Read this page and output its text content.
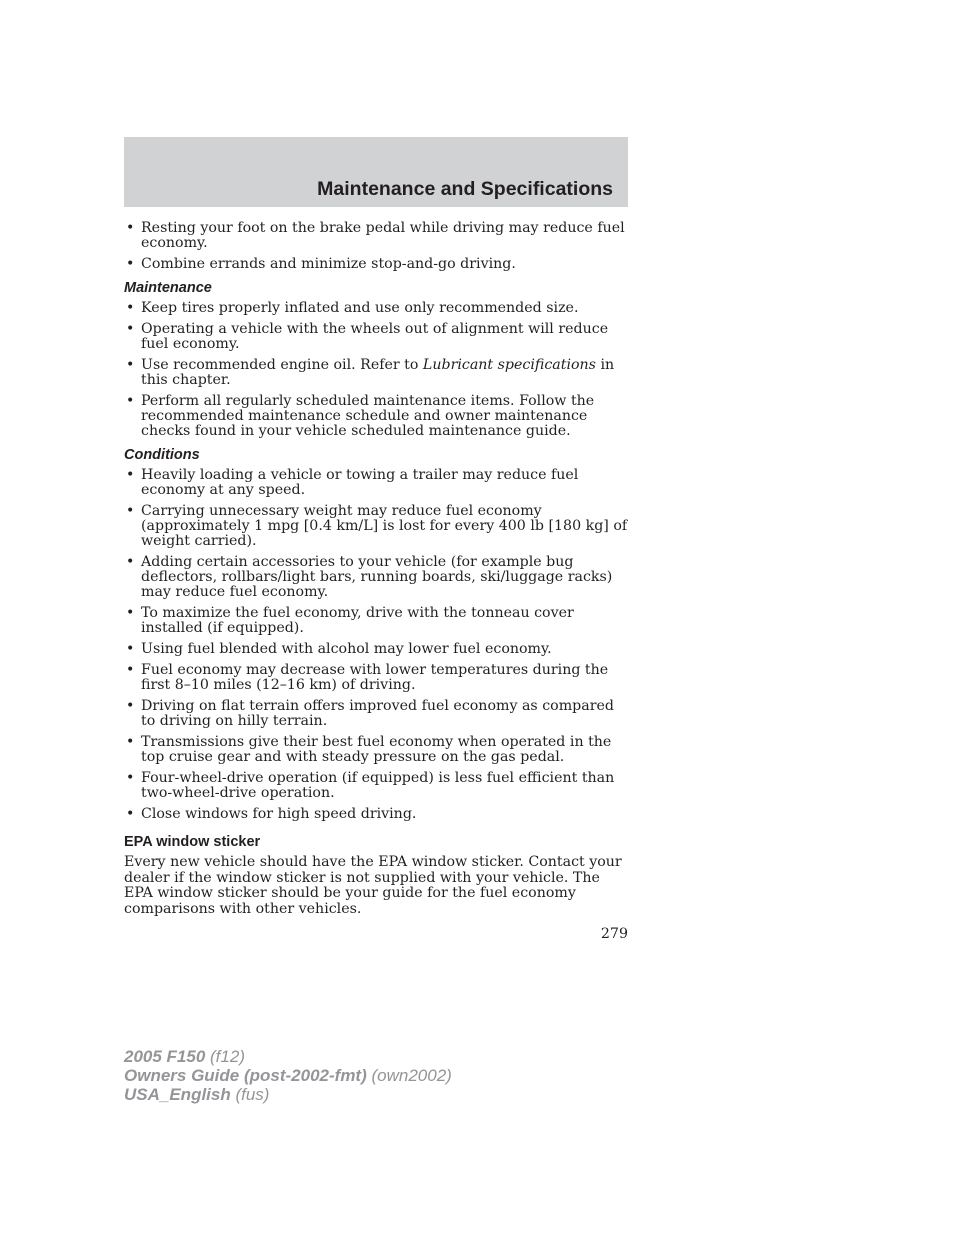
Maintenance and Specifications
• Resting your foot on the brake pedal while driving may reduce fuel economy.
• Combine errands and minimize stop-and-go driving.
Maintenance
• Keep tires properly inflated and use only recommended size.
• Operating a vehicle with the wheels out of alignment will reduce fuel economy.
• Use recommended engine oil. Refer to Lubricant specifications in this chapter.
• Perform all regularly scheduled maintenance items. Follow the recommended maintenance schedule and owner maintenance checks found in your vehicle scheduled maintenance guide.
Conditions
• Heavily loading a vehicle or towing a trailer may reduce fuel economy at any speed.
• Carrying unnecessary weight may reduce fuel economy (approximately 1 mpg [0.4 km/L] is lost for every 400 lb [180 kg] of weight carried).
• Adding certain accessories to your vehicle (for example bug deflectors, rollbars/light bars, running boards, ski/luggage racks) may reduce fuel economy.
• To maximize the fuel economy, drive with the tonneau cover installed (if equipped).
• Using fuel blended with alcohol may lower fuel economy.
• Fuel economy may decrease with lower temperatures during the first 8–10 miles (12–16 km) of driving.
• Driving on flat terrain offers improved fuel economy as compared to driving on hilly terrain.
• Transmissions give their best fuel economy when operated in the top cruise gear and with steady pressure on the gas pedal.
• Four-wheel-drive operation (if equipped) is less fuel efficient than two-wheel-drive operation.
• Close windows for high speed driving.
EPA window sticker

Every new vehicle should have the EPA window sticker. Contact your dealer if the window sticker is not supplied with your vehicle. The EPA window sticker should be your guide for the fuel economy comparisons with other vehicles.

279
2005 F150 (f12)
Owners Guide (post-2002-fmt) (own2002)
USA_English (fus)
